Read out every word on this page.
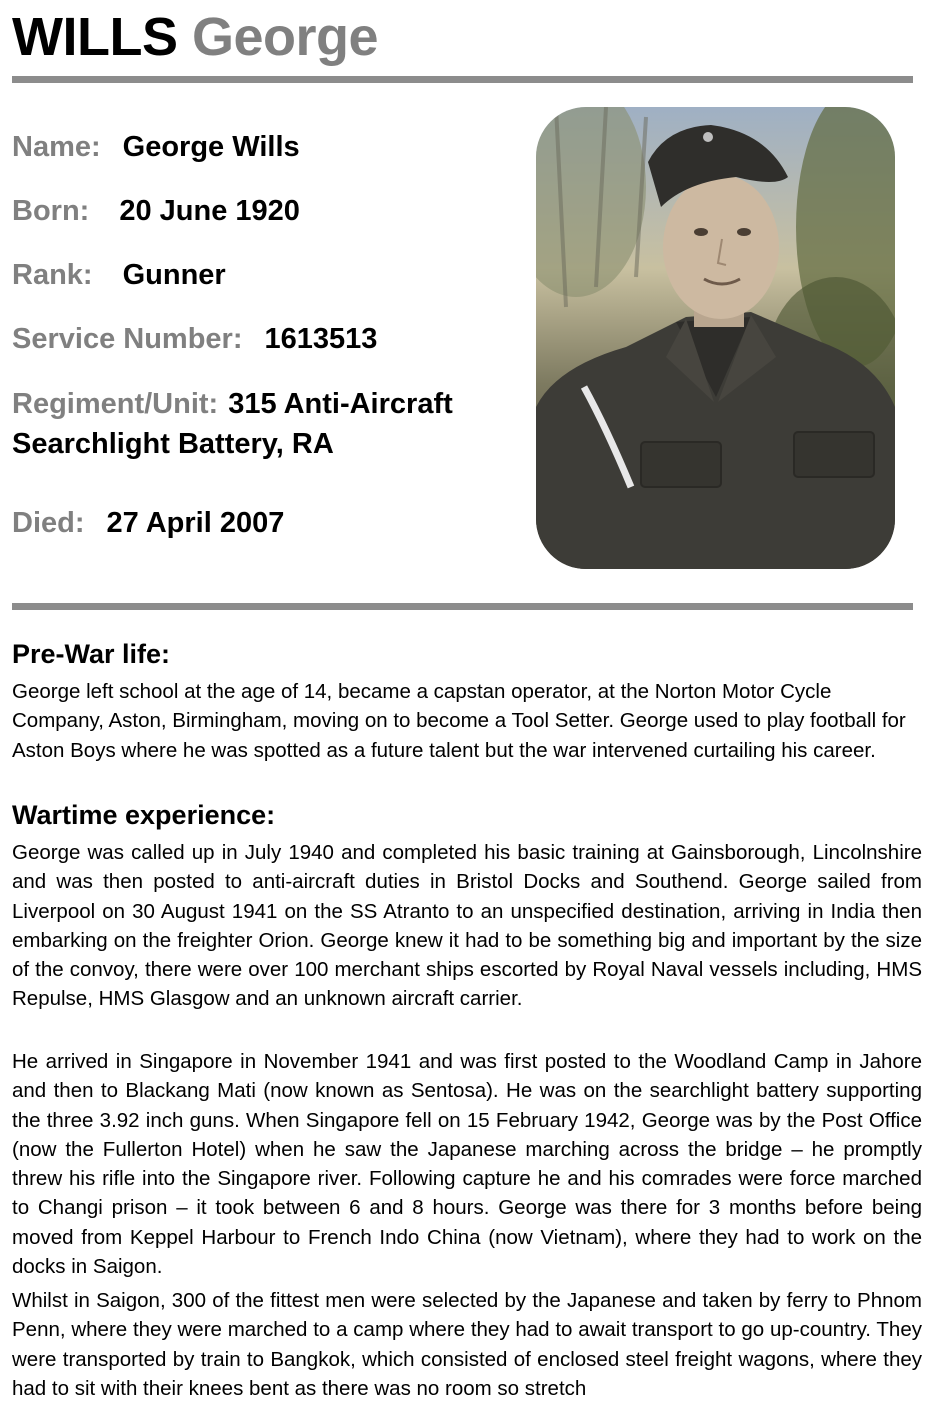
WILLS George
Name: George Wills
Born: 20 June 1920
Rank: Gunner
Service Number: 1613513
Regiment/Unit: 315 Anti-Aircraft Searchlight Battery, RA
Died: 27 April 2007
Pre-War life:

George left school at the age of 14, became a capstan operator, at the Norton Motor Cycle Company, Aston, Birmingham, moving on to become a Tool Setter. George used to play football for Aston Boys where he was spotted as a future talent but the war intervened curtailing his career.

Wartime experience:

George was called up in July 1940 and completed his basic training at Gainsborough, Lincolnshire and was then posted to anti-aircraft duties in Bristol Docks and Southend. George sailed from Liverpool on 30 August 1941 on the SS Atranto to an unspecified destination, arriving in India then embarking on the freighter Orion. George knew it had to be something big and important by the size of the convoy, there were over 100 merchant ships escorted by Royal Naval vessels including, HMS Repulse, HMS Glasgow and an unknown aircraft carrier.

He arrived in Singapore in November 1941 and was first posted to the Woodland Camp in Jahore and then to Blackang Mati (now known as Sentosa). He was on the searchlight battery supporting the three 3.92 inch guns. When Singapore fell on 15 February 1942, George was by the Post Office (now the Fullerton Hotel) when he saw the Japanese marching across the bridge – he promptly threw his rifle into the Singapore river. Following capture he and his comrades were force marched to Changi prison – it took between 6 and 8 hours. George was there for 3 months before being moved from Keppel Harbour to French Indo China (now Vietnam), where they had to work on the docks in Saigon.

Whilst in Saigon, 300 of the fittest men were selected by the Japanese and taken by ferry to Phnom Penn, where they were marched to a camp where they had to await transport to go up-country. They were transported by train to Bangkok, which consisted of enclosed steel freight wagons, where they had to sit with their knees bent as there was no room so stretch
